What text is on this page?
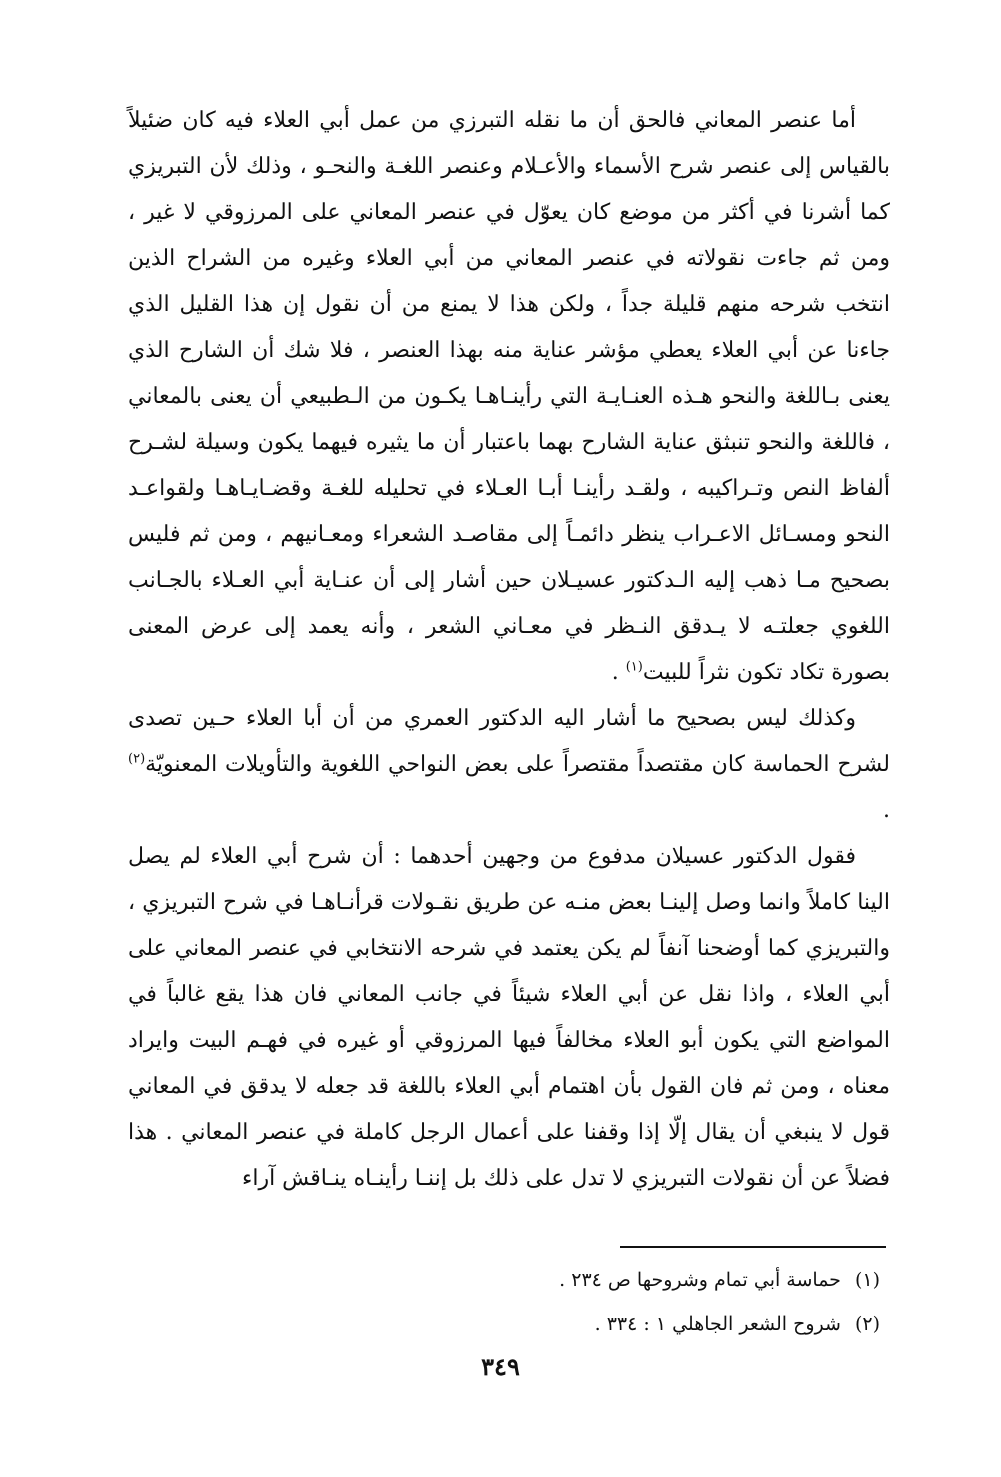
أما عنصر المعاني فالحق أن ما نقله التبرزي من عمل أبي العلاء فيه كان ضئيلاً بالقياس إلى عنصر شرح الأسماء والأعـلام وعنصر اللغـة والنحـو ، وذلك لأن التبريزي كما أشرنا في أكثر من موضع كان يعوّل في عنصر المعاني على المرزوقي لا غير ، ومن ثم جاءت نقولاته في عنصر المعاني من أبي العلاء وغيره من الشراح الذين انتخب شرحه منهم قليلة جداً ، ولكن هذا لا يمنع من أن نقول إن هذا القليل الذي جاءنا عن أبي العلاء يعطي مؤشر عناية منه بهذا العنصر ، فلا شك أن الشارح الذي يعنى بـاللغة والنحو هـذه العنـايـة التي رأينـاهـا يكـون من الـطبيعي أن يعنى بالمعاني ، فاللغة والنحو تنبثق عناية الشارح بهما باعتبار أن ما يثيره فيهما يكون وسيلة لشـرح ألفاظ النص وتـراكيبه ، ولقـد رأينـا أبـا العـلاء في تحليله للغـة وقضـايـاهـا ولقواعـد النحو ومسـائل الاعـراب ينظر دائمـاً إلى مقاصـد الشعراء ومعـانيهم ، ومن ثم فليس بصحيح مـا ذهب إليه الـدكتور عسيـلان حين أشار إلى أن عنـاية أبي العـلاء بالجـانب اللغوي جعلتـه لا يـدقق النـظر في معـاني الشعر ، وأنه يعمد إلى عرض المعنى بصورة تكاد تكون نثراً للبيت$^{(١)}$ .

وكذلك ليس بصحيح ما أشار اليه الدكتور العمري من أن أبا العلاء حـين تصدى لشرح الحماسة كان مقتصداً مقتصراً على بعض النواحي اللغوية والتأويلات المعنويّة$^{(٢)}$ .

فقول الدكتور عسيلان مدفوع من وجهين أحدهما : أن شرح أبي العلاء لم يصل الينا كاملاً وانما وصل إلينـا بعض منـه عن طريق نقـولات قرأنـاهـا في شرح التبريزي ، والتبريزي كما أوضحنا آنفاً لم يكن يعتمد في شرحه الانتخابي في عنصر المعاني على أبي العلاء ، واذا نقل عن أبي العلاء شيئاً في جانب المعاني فان هذا يقع غالباً في المواضع التي يكون أبو العلاء مخالفاً فيها المرزوقي أو غيره في فهـم البيت وايراد معناه ، ومن ثم فان القول بأن اهتمام أبي العلاء باللغة قد جعله لا يدقق في المعاني قول لا ينبغي أن يقال إلّا إذا وقفنا على أعمال الرجل كاملة في عنصر المعاني . هذا فضلاً عن أن نقولات التبريزي لا تدل على ذلك بل إننـا رأينـاه ينـاقش آراء

(١)حماسة أبي تمام وشروحها ص ٢٣٤ .
(٢)شروح الشعر الجاهلي ١ : ٣٣٤ .
٣٤٩
